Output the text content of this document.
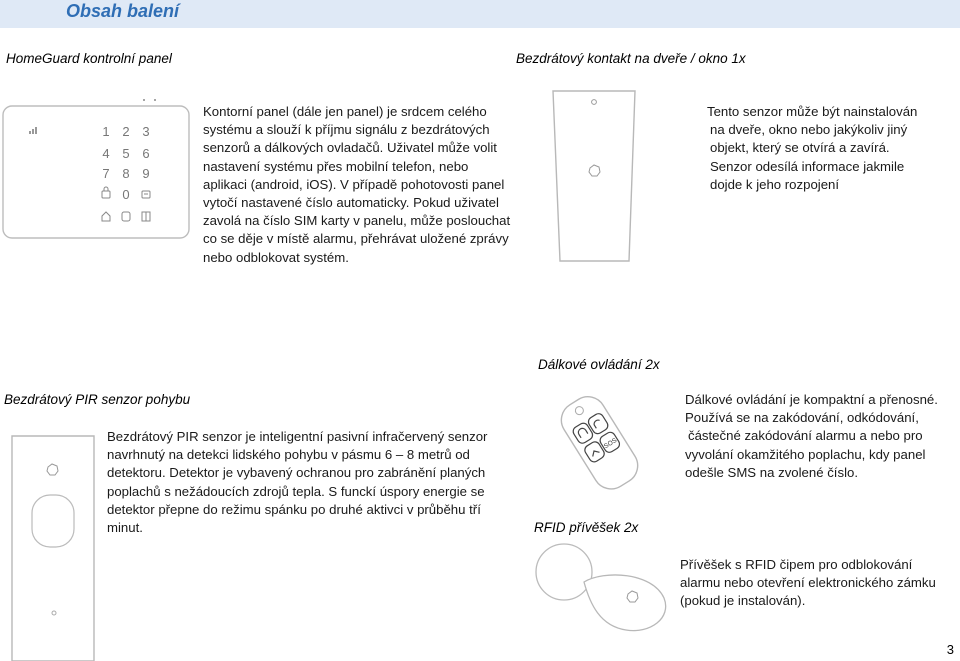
Obsah balení
HomeGuard kontrolní panel	Bezdrátový kontakt na dveře / okno 1x
Dálkové ovládání 2x
Bezdrátový PIR senzor pohybu
RFID přívěšek 2x
1 2 3
4 5 6
7 8 9
0
Kontorní panel (dále jen panel) je srdcem celého
systému a slouží k příjmu signálu z bezdrátových
senzorů a dálkových ovladačů. Uživatel může volit
nastavení systému přes mobilní telefon, nebo
aplikaci (android, iOS). V případě pohotovosti panel
vytočí nastavené číslo automaticky. Pokud uživatel
zavolá na číslo SIM karty v panelu, může poslouchat
co se děje v místě alarmu, přehrávat uložené zprávy
nebo odblokovat systém.
Tento senzor může být nainstalován
na dveře, okno nebo jakýkoliv jiný
objekt, který se otvírá a zavírá.
Senzor odesílá informace jakmile
dojde k jeho rozpojení
Bezdrátový PIR senzor je inteligentní pasivní infračervený senzor
navrhnutý na detekci lidského pohybu v pásmu 6 – 8 metrů od
detektoru. Detektor je vybavený ochranou pro zabránění planých
poplachů s nežádoucích zdrojů tepla. S funckí úspory energie se
detektor přepne do režimu spánku po druhé aktivci v průběhu tří
minut.
SOS
Dálkové ovládání je kompaktní a přenosné.
Používá se na zakódování, odkódování,
částečné zakódování alarmu a nebo pro
vyvolání okamžitého poplachu, kdy panel
odešle SMS na zvolené číslo.
Přívěšek s RFID čipem pro odblokování
alarmu nebo otevření elektronického zámku
(pokud je instalován).
3
